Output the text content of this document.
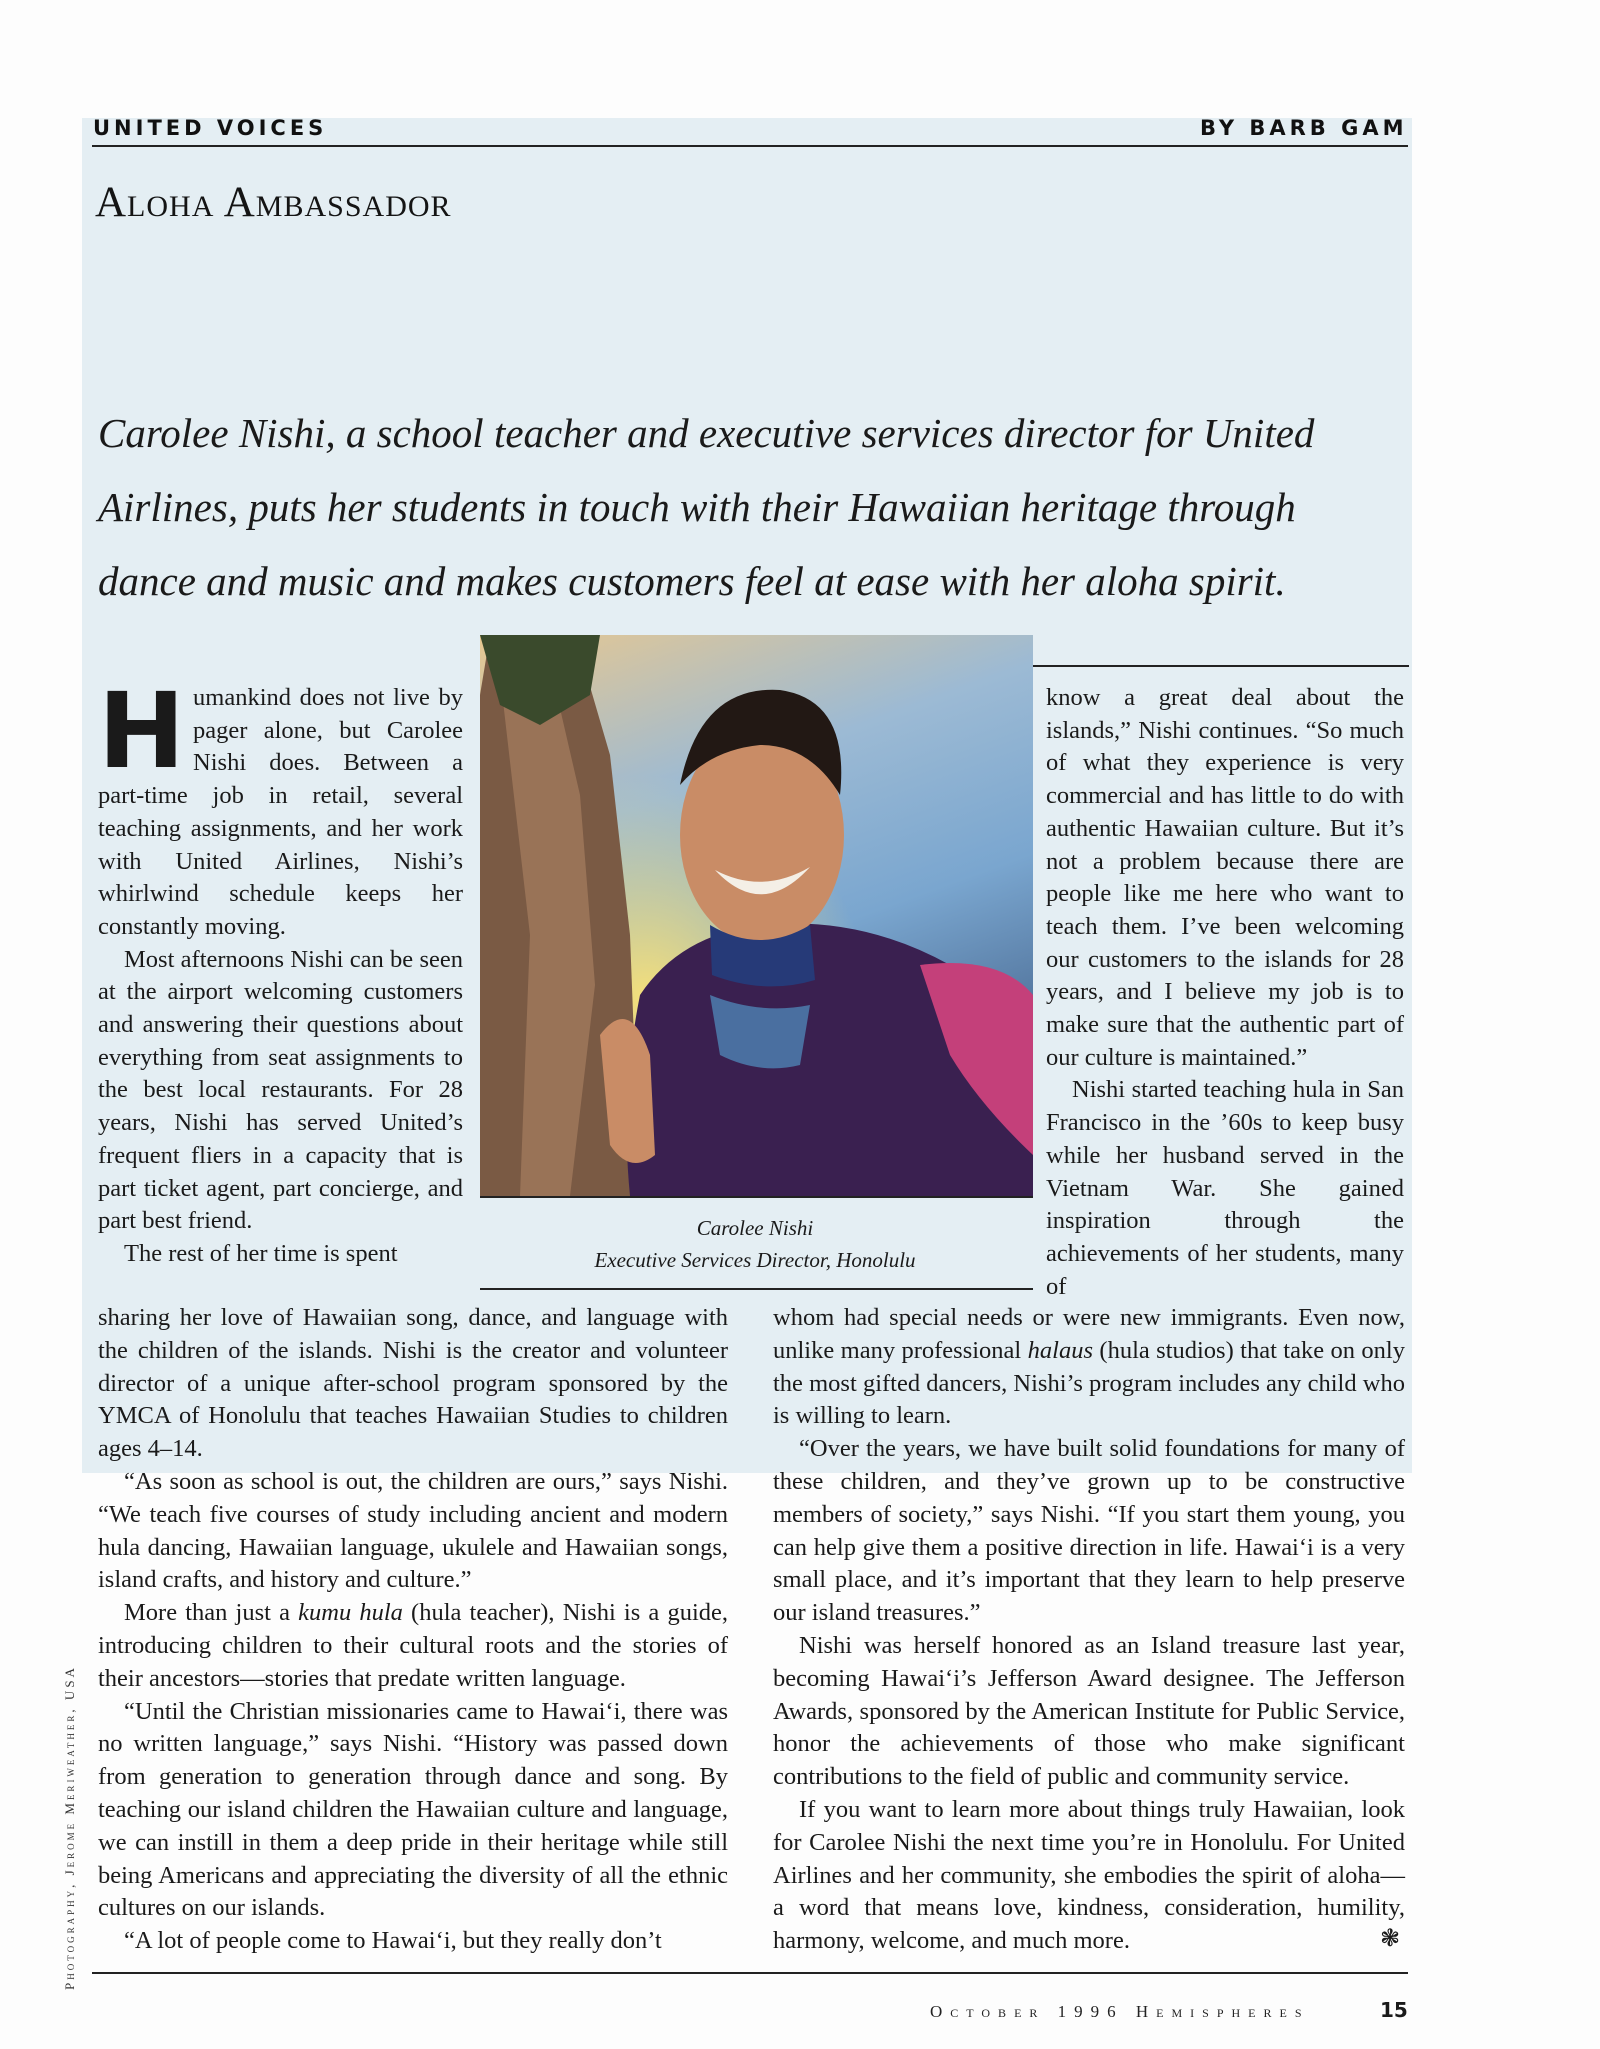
UNITED VOICES	BY BARB GAM
Aloha Ambassador
Carolee Nishi, a school teacher and executive services director for United Airlines, puts her students in touch with their Hawaiian heritage through dance and music and makes customers feel at ease with her aloha spirit.

Humankind does not live by pager alone, but Carolee Nishi does. Between a part-time job in retail, several teaching assignments, and her work with United Airlines, Nishi’s whirlwind schedule keeps her constantly moving.

Most afternoons Nishi can be seen at the airport welcoming customers and answering their questions about everything from seat assignments to the best local restaurants. For 28 years, Nishi has served United’s frequent fliers in a capacity that is part ticket agent, part concierge, and part best friend.

The rest of her time is spent

Carolee Nishi
Executive Services Director, Honolulu

know a great deal about the islands,” Nishi continues. “So much of what they experience is very commercial and has little to do with authentic Hawaiian culture. But it’s not a problem because there are people like me here who want to teach them. I’ve been welcoming our customers to the islands for 28 years, and I believe my job is to make sure that the authentic part of our culture is maintained.”

Nishi started teaching hula in San Francisco in the ’60s to keep busy while her husband served in the Vietnam War. She gained inspiration through the achievements of her students, many of

sharing her love of Hawaiian song, dance, and language with the children of the islands. Nishi is the creator and volunteer director of a unique after-school program sponsored by the YMCA of Honolulu that teaches Hawaiian Studies to children ages 4–14.

“As soon as school is out, the children are ours,” says Nishi. “We teach five courses of study including ancient and modern hula dancing, Hawaiian language, ukulele and Hawaiian songs, island crafts, and history and culture.”

More than just a kumu hula (hula teacher), Nishi is a guide, introducing children to their cultural roots and the stories of their ancestors—stories that predate written language.

“Until the Christian missionaries came to Hawai‘i, there was no written language,” says Nishi. “History was passed down from generation to generation through dance and song. By teaching our island children the Hawaiian culture and language, we can instill in them a deep pride in their heritage while still being Americans and appreciating the diversity of all the ethnic cultures on our islands.

“A lot of people come to Hawai‘i, but they really don’t

whom had special needs or were new immigrants. Even now, unlike many professional halaus (hula studios) that take on only the most gifted dancers, Nishi’s program includes any child who is willing to learn.

“Over the years, we have built solid foundations for many of these children, and they’ve grown up to be constructive members of society,” says Nishi. “If you start them young, you can help give them a positive direction in life. Hawai‘i is a very small place, and it’s important that they learn to help preserve our island treasures.”

Nishi was herself honored as an Island treasure last year, becoming Hawai‘i’s Jefferson Award designee. The Jefferson Awards, sponsored by the American Institute for Public Service, honor the achievements of those who make significant contributions to the field of public and community service.

If you want to learn more about things truly Hawaiian, look for Carolee Nishi the next time you’re in Honolulu. For United Airlines and her community, she embodies the spirit of aloha—a word that means love, kindness, consideration, humility, harmony, welcome, and much more.	❃
Photography, Jerome Meriweather, USA
October 1996 Hemispheres	15
